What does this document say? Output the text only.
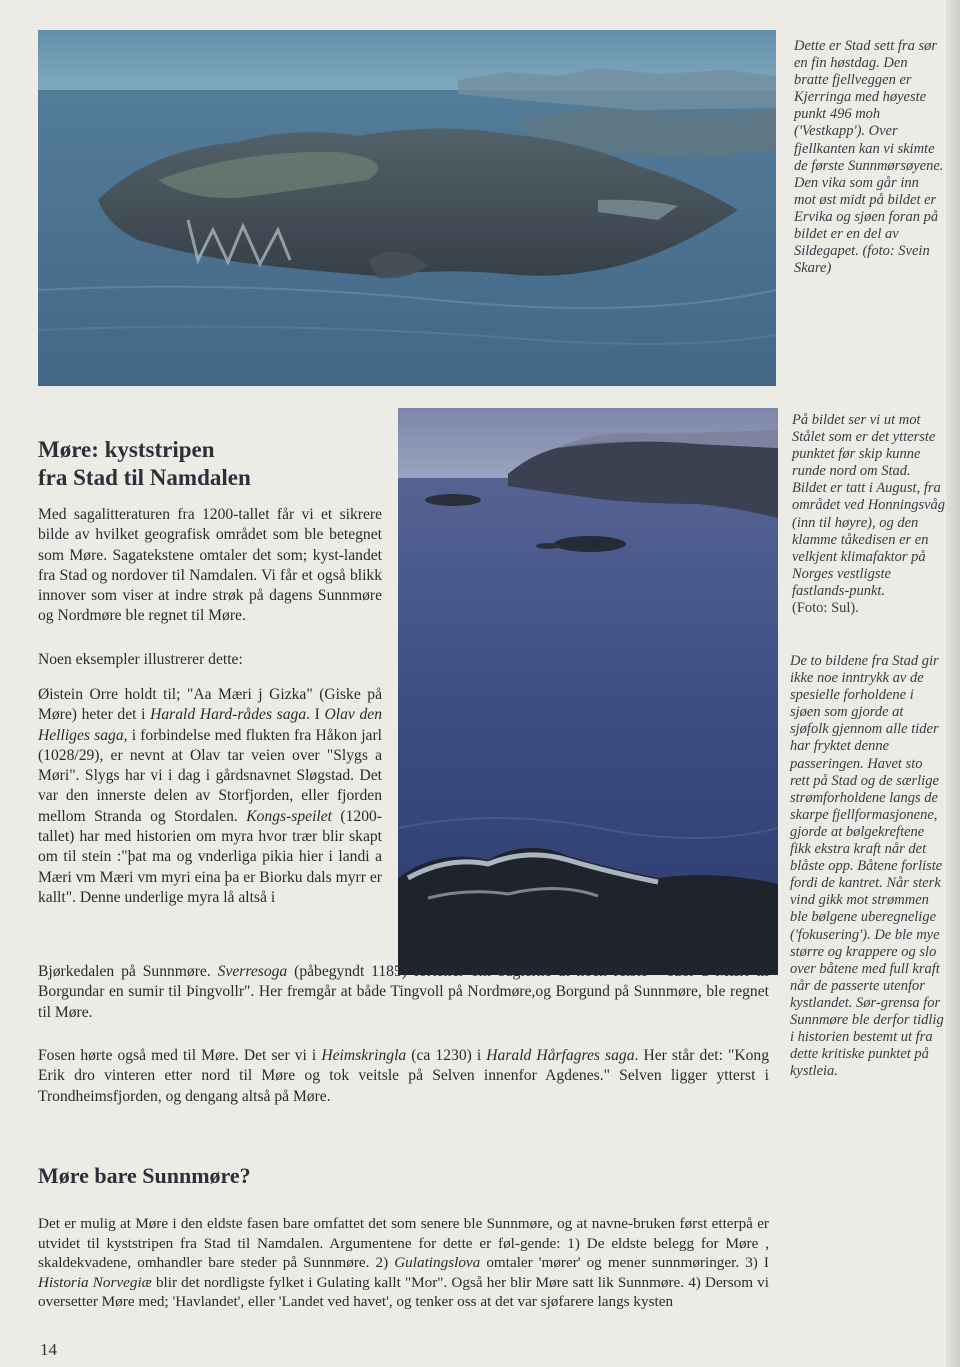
Dette er Stad sett fra sør en fin høstdag. Den bratte fjellveggen er Kjerringa med høyeste punkt 496 moh ('Vestkapp'). Over fjellkanten kan vi skimte de første Sunnmørsøyene. Den vika som går inn mot øst midt på bildet er Ervika og sjøen foran på bildet er en del av Sildegapet. (foto: Svein Skare)

På bildet ser vi ut mot Stålet som er det ytterste punktet før skip kunne runde nord om Stad. Bildet er tatt i August, fra området ved Honningsvåg (inn til høyre), og den klamme tåkedisen er en velkjent klimafaktor på Norges vestligste fastlands-punkt.
(Foto: Sul).

De to bildene fra Stad gir ikke noe inntrykk av de spesielle forholdene i sjøen som gjorde at sjøfolk gjennom alle tider har fryktet denne passeringen. Havet sto rett på Stad og de særlige strømforholdene langs de skarpe fjellformasjonene, gjorde at bølgekreftene fikk ekstra kraft når det blåste opp. Båtene forliste fordi de kantret. Når sterk vind gikk mot strømmen ble bølgene uberegnelige ('fokusering'). De ble mye større og krappere og slo over båtene med full kraft når de passerte utenfor kystlandet. Sør-grensa for Sunnmøre ble derfor tidlig i historien bestemt ut fra dette kritiske punktet på kystleia.

Møre: kyststripen
fra Stad til Namdalen

Med sagalitteraturen fra 1200-tallet får vi et sikrere bilde av hvilket geografisk området som ble betegnet som Møre. Sagatekstene omtaler det som; kyst-landet fra Stad og nordover til Namdalen. Vi får et også blikk innover som viser at indre strøk på dagens Sunnmøre og Nordmøre ble regnet til Møre.

Noen eksempler illustrerer dette:

Øistein Orre holdt til; "Aa Mæri j Gizka" (Giske på Møre) heter det i Harald Hard-rådes saga. I Olav den Helliges saga, i forbindelse med flukten fra Håkon jarl (1028/29), er nevnt at Olav tar veien over "Slygs a Møri". Slygs har vi i dag i gårdsnavnet Sløgstad. Det var den innerste delen av Storfjorden, eller fjorden mellom Stranda og Stordalen. Kongs-speilet (1200-tallet) har med historien om myra hvor trær blir skapt om til stein :"þat ma og vnderliga pikia hier i landi a Mæri vm Mæri vm myri eina þa er Biorku dals myrr er kallt". Denne underlige myra lå altså i

Bjørkedalen på Sunnmøre. Sverresoga (påbegyndt 1185) forteller om baglerne at noen reiste " suðr a Mæri til Borgundar en sumir til Þingvollr". Her fremgår at både Tingvoll på Nordmøre,og Borgund på Sunnmøre, ble regnet til Møre.

Fosen hørte også med til Møre. Det ser vi i Heimskringla (ca 1230) i Harald Hårfagres saga. Her står det: "Kong Erik dro vinteren etter nord til Møre og tok veitsle på Selven innenfor Agdenes." Selven ligger ytterst i Trondheimsfjorden, og dengang altså på Møre.

Møre bare Sunnmøre?

Det er mulig at Møre i den eldste fasen bare omfattet det som senere ble Sunnmøre, og at navne-bruken først etterpå er utvidet til kyststripen fra Stad til Namdalen. Argumentene for dette er føl-gende: 1) De eldste belegg for Møre , skaldekvadene, omhandler bare steder på Sunnmøre. 2) Gulatingslova omtaler 'mører' og mener sunnmøringer. 3) I Historia Norvegiæ blir det nordligste fylket i Gulating kallt "Mor". Også her blir Møre satt lik Sunnmøre. 4) Dersom vi oversetter Møre med; 'Havlandet', eller 'Landet ved havet', og tenker oss at det var sjøfarere langs kysten

14
